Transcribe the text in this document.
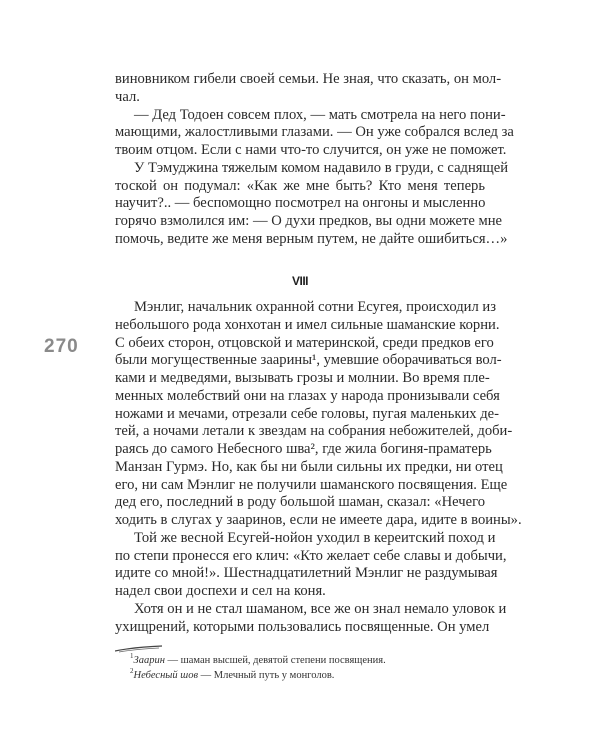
виновником гибели своей семьи. Не зная, что сказать, он мол-
чал.
— Дед Тодоен совсем плох, — мать смотрела на него пони-
мающими, жалостливыми глазами. — Он уже собрался вслед за
твоим отцом. Если с нами что-то случится, он уже не поможет.
У Тэмуджина тяжелым комом надавило в груди, с саднящей
тоской он подумал: «Как же мне быть? Кто меня теперь
научит?.. — беспомощно посмотрел на онгоны и мысленно
горячо взмолился им: — О духи предков, вы одни можете мне
помочь, ведите же меня верным путем, не дайте ошибиться…»
VIII
270
Мэнлиг, начальник охранной сотни Есугея, происходил из
небольшого рода хонхотан и имел сильные шаманские корни.
С обеих сторон, отцовской и материнской, среди предков его
были могущественные заарины¹, умевшие оборачиваться вол-
ками и медведями, вызывать грозы и молнии. Во время пле-
менных молебствий они на глазах у народа пронизывали себя
ножами и мечами, отрезали себе головы, пугая маленьких де-
тей, а ночами летали к звездам на собрания небожителей, доби-
раясь до самого Небесного шва², где жила богиня-праматерь
Манзан Гурмэ. Но, как бы ни были сильны их предки, ни отец
его, ни сам Мэнлиг не получили шаманского посвящения. Еще
дед его, последний в роду большой шаман, сказал: «Нечего
ходить в слугах у зааринов, если не имеете дара, идите в воины».
Той же весной Есугей-нойон уходил в кереитский поход и
по степи пронесся его клич: «Кто желает себе славы и добычи,
идите со мной!». Шестнадцатилетний Мэнлиг не раздумывая
надел свои доспехи и сел на коня.
Хотя он и не стал шаманом, все же он знал немало уловок и
ухищрений, которыми пользовались посвященные. Он умел
$^1$Заарин — шаман высшей, девятой степени посвящения.
$^2$Небесный шов — Млечный путь у монголов.
